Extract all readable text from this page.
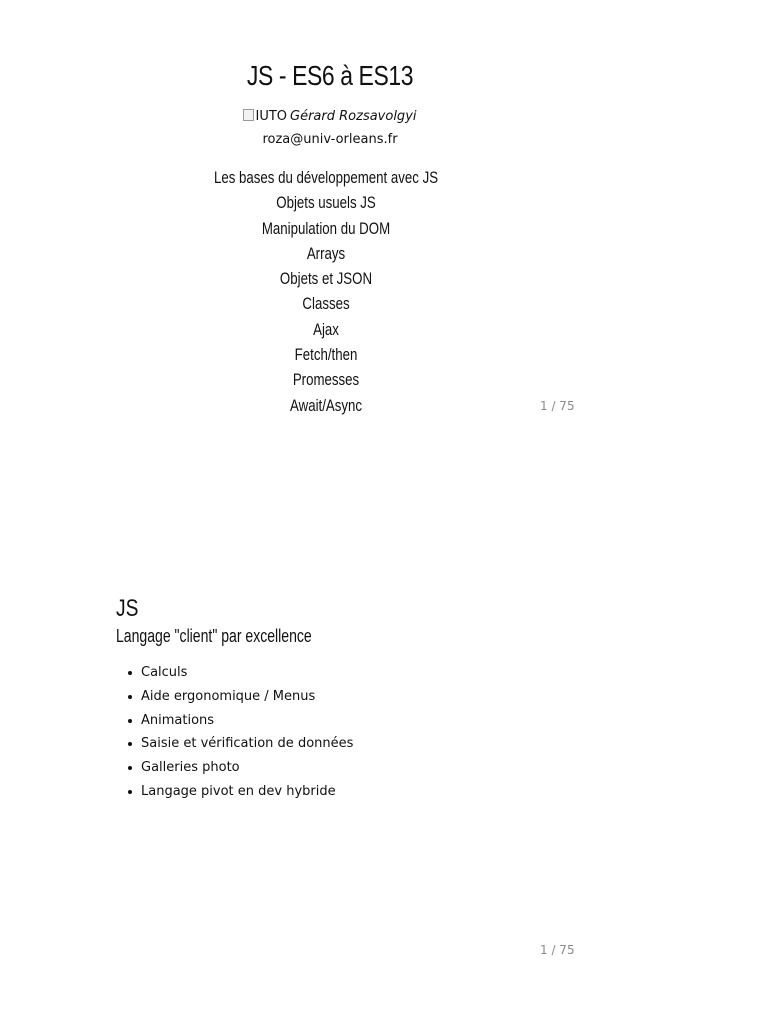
JS - ES6 à ES13
IUTO Gérard Rozsavolgyi
roza@univ-orleans.fr
Les bases du développement avec JS
Objets usuels JS
Manipulation du DOM
Arrays
Objets et JSON
Classes
Ajax
Fetch/then
Promesses
Await/Async	1 / 75
JS
Langage "client" par excellence
Calculs
Aide ergonomique / Menus
Animations
Saisie et vérification de données
Galleries photo
Langage pivot en dev hybride
1 / 75
